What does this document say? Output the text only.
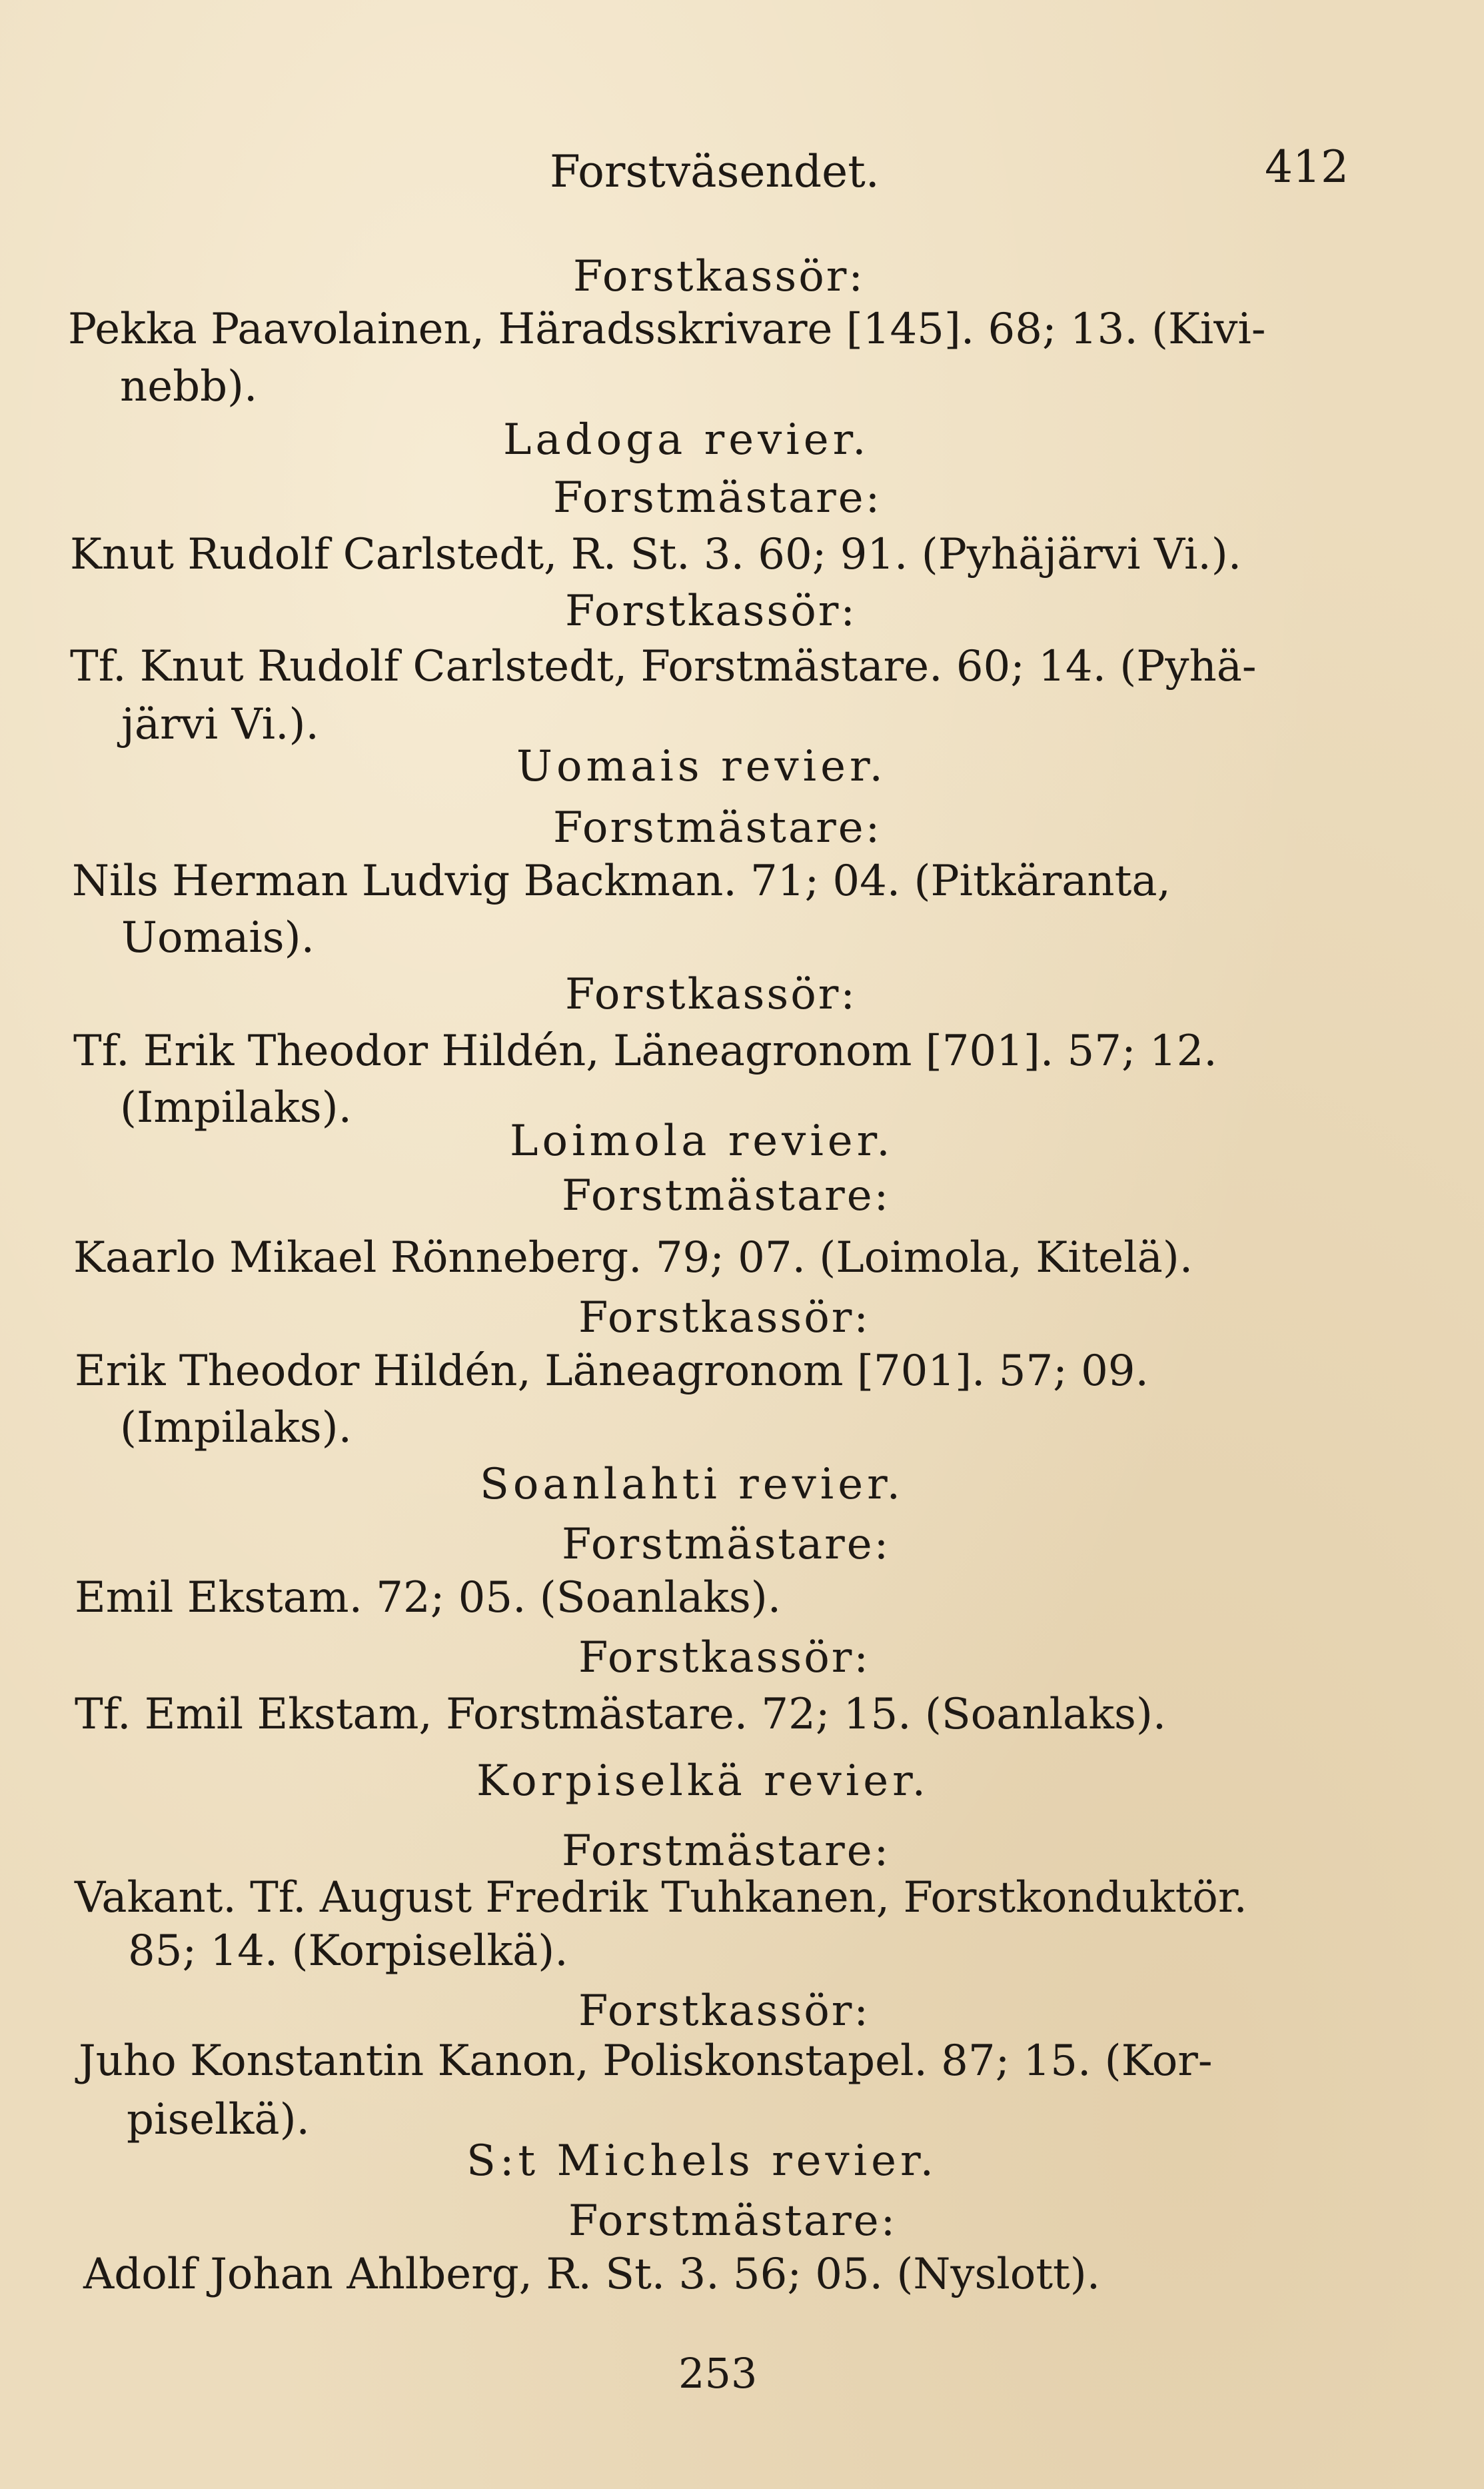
Forstväsendet.	412
Forstkassör:
Pekka Paavolainen, Häradsskrivare [145]. 68; 13. (Kivi-
nebb).
Ladoga revier.
Forstmästare:
Knut Rudolf Carlstedt, R. St. 3. 60; 91. (Pyhäjärvi Vi.).
Forstkassör:
Tf. Knut Rudolf Carlstedt, Forstmästare. 60; 14. (Pyhä-
järvi Vi.).
Uomais revier.
Forstmästare:
Nils Herman Ludvig Backman. 71; 04. (Pitkäranta,
Uomais).
Forstkassör:
Tf. Erik Theodor Hildén, Läneagronom [701]. 57; 12.
(Impilaks).
Loimola revier.
Forstmästare:
Kaarlo Mikael Rönneberg. 79; 07. (Loimola, Kitelä).
Forstkassör:
Erik Theodor Hildén, Läneagronom [701]. 57; 09.
(Impilaks).
Soanlahti revier.
Forstmästare:
Emil Ekstam. 72; 05. (Soanlaks).
Forstkassör:
Tf. Emil Ekstam, Forstmästare. 72; 15. (Soanlaks).
Korpiselkä revier.
Forstmästare:
Vakant. Tf. August Fredrik Tuhkanen, Forstkonduktör.
85; 14. (Korpiselkä).
Forstkassör:
Juho Konstantin Kanon, Poliskonstapel. 87; 15. (Kor-
piselkä).
S:t Michels revier.
Forstmästare:
Adolf Johan Ahlberg, R. St. 3. 56; 05. (Nyslott).
253
